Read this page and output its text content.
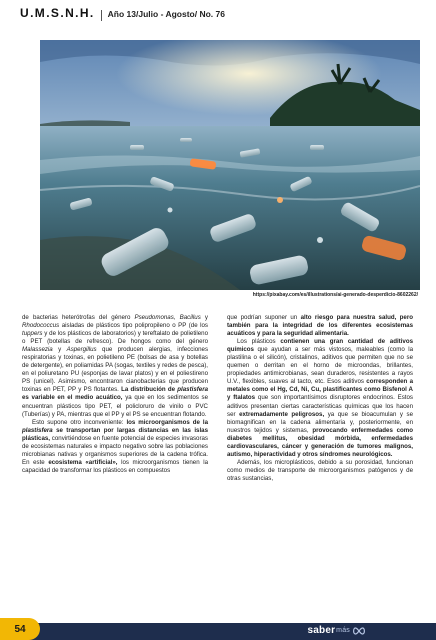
U.M.S.N.H. Año 13/Julio - Agosto/ No. 76
https://pixabay.com/es/illustrations/ai-generado-desperdicio-8602262/

de bacterias heterótrofas del género Pseudomonas, Bacillus y Rhodococcus aisladas de plásticos tipo polipropileno o PP (de los tuppers y de los plásticos de laboratorios) y tereftalato de polietileno o PET (botellas de refresco). De hongos como del género Malassezia y Aspergillus que producen alergias, infecciones respiratorias y toxinas, en polietileno PE (bolsas de asa y botellas de detergente), en poliamidas PA (sogas, textiles y redes de pesca), en el poliuretano PU (esponjas de lavar platos) y en el poliestireno PS (unicel). Asimismo, encontraron cianobacterias que producen toxinas en PET, PP y PS flotantes. La distribución de plastisfera es variable en el medio acuático, ya que en los sedimentos se encuentran plásticos tipo PET, el policloruro de vinilo o PVC (Tuberías) y PA, mientras que el PP y el PS se encuentran flotando.

Esto supone otro inconveniente: los microorganismos de la plastisfera se transportan por largas distancias en las islas plásticas, convirtiéndose en fuente potencial de especies invasoras de ecosistemas naturales e impacto negativo sobre las poblaciones microbianas nativas y organismos superiores de la cadena trófica. En este ecosistema «artificial», los microorganismos tienen la capacidad de transformar los plásticos en compuestos

que podrían suponer un alto riesgo para nuestra salud, pero también para la integridad de los diferentes ecosistemas acuáticos y para la seguridad alimentaria.

Los plásticos contienen una gran cantidad de aditivos químicos que ayudan a ser más vistosos, maleables (como la plastilina o el silicón), cristalinos, aditivos que permiten que no se quemen o derritan en el horno de microondas, brillantes, propiedades antimicrobianas, sean duraderos, resistentes a rayos U.V., flexibles, suaves al tacto, etc. Esos aditivos corresponden a metales como el Hg, Cd, Ni, Cu, plastificantes como Bisfenol A y ftalatos que son importantísimos disruptores endocrinos. Estos aditivos presentan ciertas características químicas que los hacen ser extremadamente peligrosos, ya que se bioacumulan y se biomagnifican en la cadena alimentaria y, posteriormente, en nuestros tejidos y sistemas, provocando enfermedades como diabetes mellitus, obesidad mórbida, enfermedades cardiovasculares, cáncer y generación de tumores malignos, autismo, hiperactividad y otros síndromes neurológicos.

Además, los microplásticos, debido a su porosidad, funcionan como medios de transporte de microorganismos patógenos y de otras sustancias,

54	saber más
